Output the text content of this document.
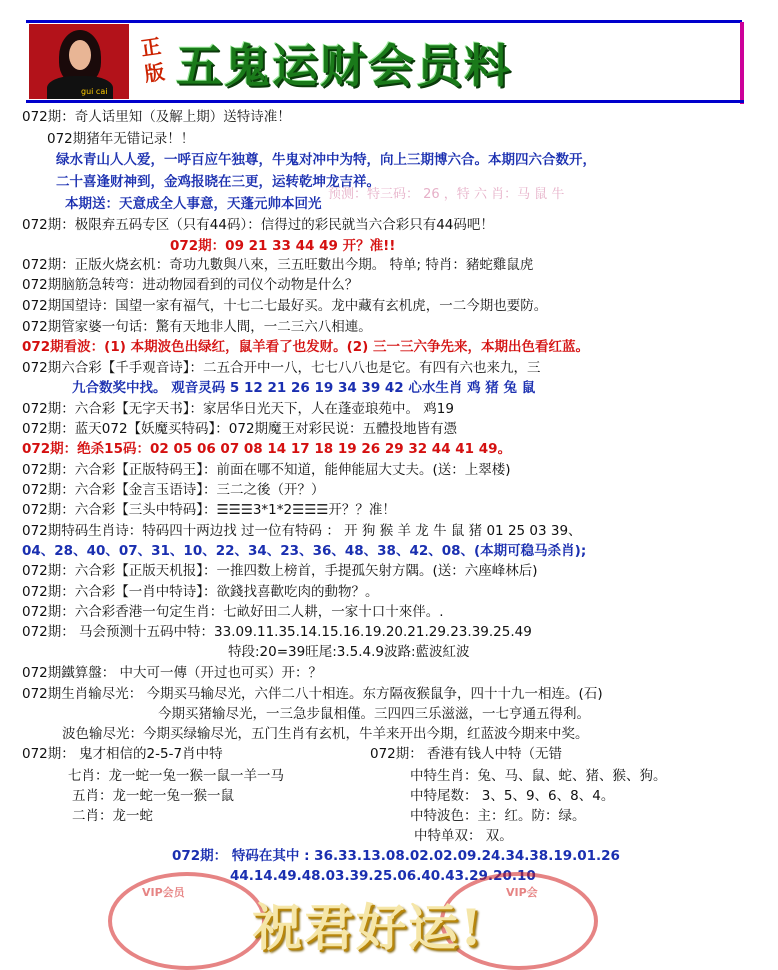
gui cai
正版 五鬼运财会员料
预测：特三码： 26 ，特 六 肖：马 鼠 牛
072期：奇人话里知（及解上期）送特诗准！
072期猪年无错记录！！
绿水青山人人爱，一呼百应午独尊，牛鬼对冲中为特，向上三期博六合。本期四六合数开，
二十喜逢财神到，金鸡报晓在三更，运转乾坤龙吉祥。
本期送：天意成全人事意，天蓬元帅本回光
072期：极限弃五码专区（只有44码）：信得过的彩民就当六合彩只有44码吧！
072期：09 21 33 44 49 开？准!!
072期：正版火烧玄机：奇功九數與八來，三五旺數出今期。 特单; 特肖：豬蛇雞鼠虎
072期脑筋急转弯：进动物园看到的司仪个动物是什么？
072期国望诗：国望一家有福气，十七二七最好买。龙中藏有玄机虎，一二今期也要防。
072期管家婆一句话：驚有天地非人間，一二三六八相連。
072期看波：(1) 本期波色出绿红，鼠羊看了也发财。(2) 三一三六争先来，本期出色看红蓝。
072期六合彩【千手观音诗】：二五合开中一八，七七八八也是它。有四有六也来九，三
九合数奖中找。 观音灵码 5 12 21 26 19 34 39 42 心水生肖 鸡 猪 兔 鼠
072期：六合彩【无字天书】：家居华日光天下，人在蓬壶琅苑中。 鸡19
072期：蓝天072【妖魔买特码】：072期魔王对彩民说：五體投地皆有憑
072期：绝杀15码：02 05 06 07 08 14 17 18 19 26 29 32 44 41 49。
072期：六合彩【正版特码王】：前面在哪不知道，能伸能屈大丈夫。(送：上翠楼)
072期：六合彩【金言玉语诗】：三二之後（开？）
072期：六合彩【三头中特码】：☰☰☰3*1*2☰☰☰开？？准！
072期特码生肖诗：特码四十两边找 过一位有特码 ： 开 狗 猴 羊 龙 牛 鼠 猪 01 25 03 39、
04、28、40、07、31、10、22、34、23、36、48、38、42、08、(本期可稳马杀肖);
072期：六合彩【正版天机报】：一推四数上榜首，手提孤矢射方隅。(送：六座峰林后)
072期：六合彩【一肖中特诗】：欲錢找喜歡吃肉的動物？。
072期：六合彩香港一句定生肖：七畝好田二人耕，一家十口十來伴。.
072期： 马会预测十五码中特：33.09.11.35.14.15.16.19.20.21.29.23.39.25.49
特段:20=39旺尾:3.5.4.9波路:藍波紅波
072期鐵算盤： 中大可一傳（开过也可买）开：？
072期生肖输尽光： 今期买马输尽光，六伴二八十相连。东方隔夜猴鼠争，四十十九一相连。(石)
今期买猪输尽光，一三急步鼠相僅。三四四三乐滋滋，一七亨通五得利。
波色输尽光：今期买绿输尽光，五门生肖有玄机，牛羊来开出今期，红蓝波今期来中奖。
072期： 鬼才相信的2-5-7肖中特	072期： 香港有钱人中特（无错
七肖：龙一蛇一兔一猴一鼠一羊一马	中特生肖：兔、马、鼠、蛇、猪、猴、狗。
五肖：龙一蛇一兔一猴一鼠	中特尾数： 3、5、9、6、8、4。
二肖：龙一蛇	中特波色：主：红。防：绿。
中特单双： 双。
072期： 特码在其中 : 36.33.13.08.02.02.09.24.34.38.19.01.26
44.14.49.48.03.39.25.06.40.43.29.20.10
VIP会员	VIP会
祝君好运!
